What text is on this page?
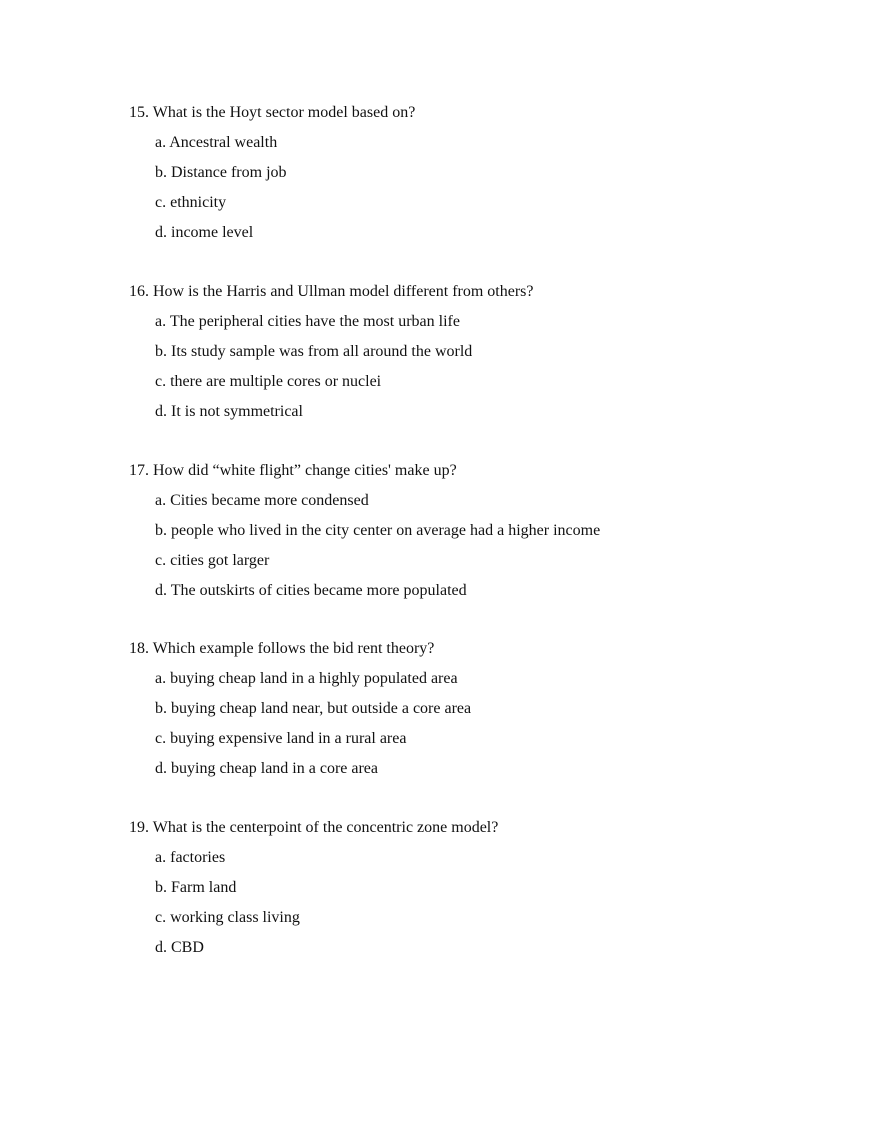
15. What is the Hoyt sector model based on?
a. Ancestral wealth
b. Distance from job
c. ethnicity
d. income level
16. How is the Harris and Ullman model different from others?
a. The peripheral cities have the most urban life
b. Its study sample was from all around the world
c. there are multiple cores or nuclei
d. It is not symmetrical
17. How did “white flight” change cities' make up?
a. Cities became more condensed
b. people who lived in the city center on average had a higher income
c. cities got larger
d. The outskirts of cities became more populated
18. Which example follows the bid rent theory?
a. buying cheap land in a highly populated area
b. buying cheap land near, but outside a core area
c. buying expensive land in a rural area
d. buying cheap land in a core area
19. What is the centerpoint of the concentric zone model?
a. factories
b. Farm land
c. working class living
d. CBD
